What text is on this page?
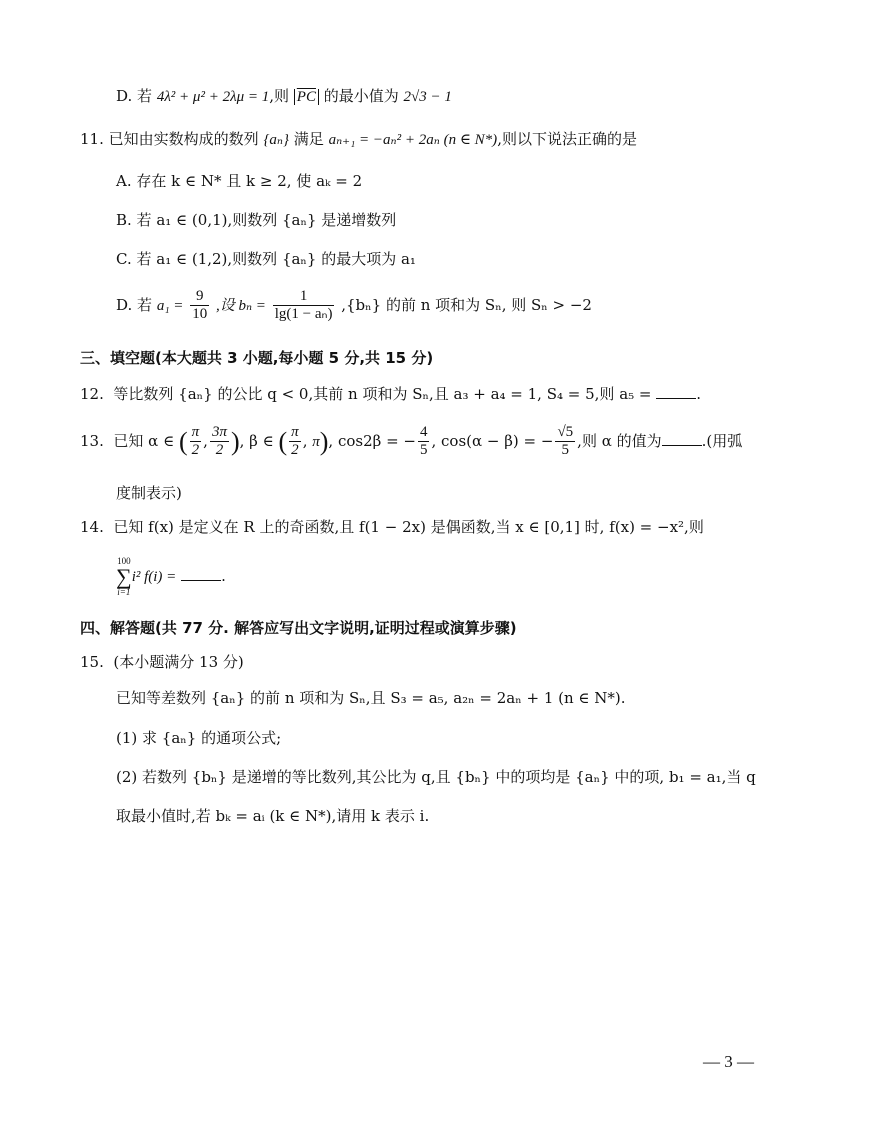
D. 若 4λ² + μ² + 2λμ = 1,则 $\overline{PC}$ 的最小值为 2√3 − 1
11. 已知由实数构成的数列 {aₙ} 满足 aₙ₊₁ = −aₙ² + 2aₙ (n ∈ N*),则以下说法正确的是
A. 存在 k ∈ N* 且 k ≥ 2, 使 aₖ = 2
B. 若 a₁ ∈ (0,1),则数列 {aₙ} 是递增数列
C. 若 a₁ ∈ (1,2),则数列 {aₙ} 的最大项为 a₁
D. 若 $a_1 = \frac{9}{10}$ ,设 $b_n = \frac{1}{\text{lg(1 − aₙ)}} ,\{b_n\}$ 的前 n 项和为 Sₙ, 则 Sₙ > −2
三、填空题(本大题共 3 小题,每小题 5 分,共 15 分)
12. 等比数列 {aₙ} 的公比 q < 0,其前 n 项和为 Sₙ,且 a₃ + a₄ = 1, S₄ = 5,则 a₅ =	.
13. 已知 α ∈ ( $\frac{\pi}{2}$ , $\frac{3\pi}{2}$ ), β ∈ ( $\frac{\pi}{2}$ , π), cos2β = − $\frac{4}{5}$ , cos(α − β) = − $\frac{√5}{5}$ ,则 α 的值为	.(用弧
度制表示)
14. 已知 f(x) 是定义在 R 上的奇函数,且 f(1 − 2x) 是偶函数,当 x ∈ [0,1] 时, f(x) = −x²,则
100
∑
i=1
i² f(i) =	.
四、解答题(共 77 分. 解答应写出文字说明,证明过程或演算步骤)
15. (本小题满分 13 分)
已知等差数列 {aₙ} 的前 n 项和为 Sₙ,且 S₃ = a₅, a₂ₙ = 2aₙ + 1 (n ∈ N*).
(1) 求 {aₙ} 的通项公式;
(2) 若数列 {bₙ} 是递增的等比数列,其公比为 q,且 {bₙ} 中的项均是 {aₙ} 中的项, b₁ = a₁,当 q
取最小值时,若 bₖ = aᵢ (k ∈ N*),请用 k 表示 i.
— 3 —
